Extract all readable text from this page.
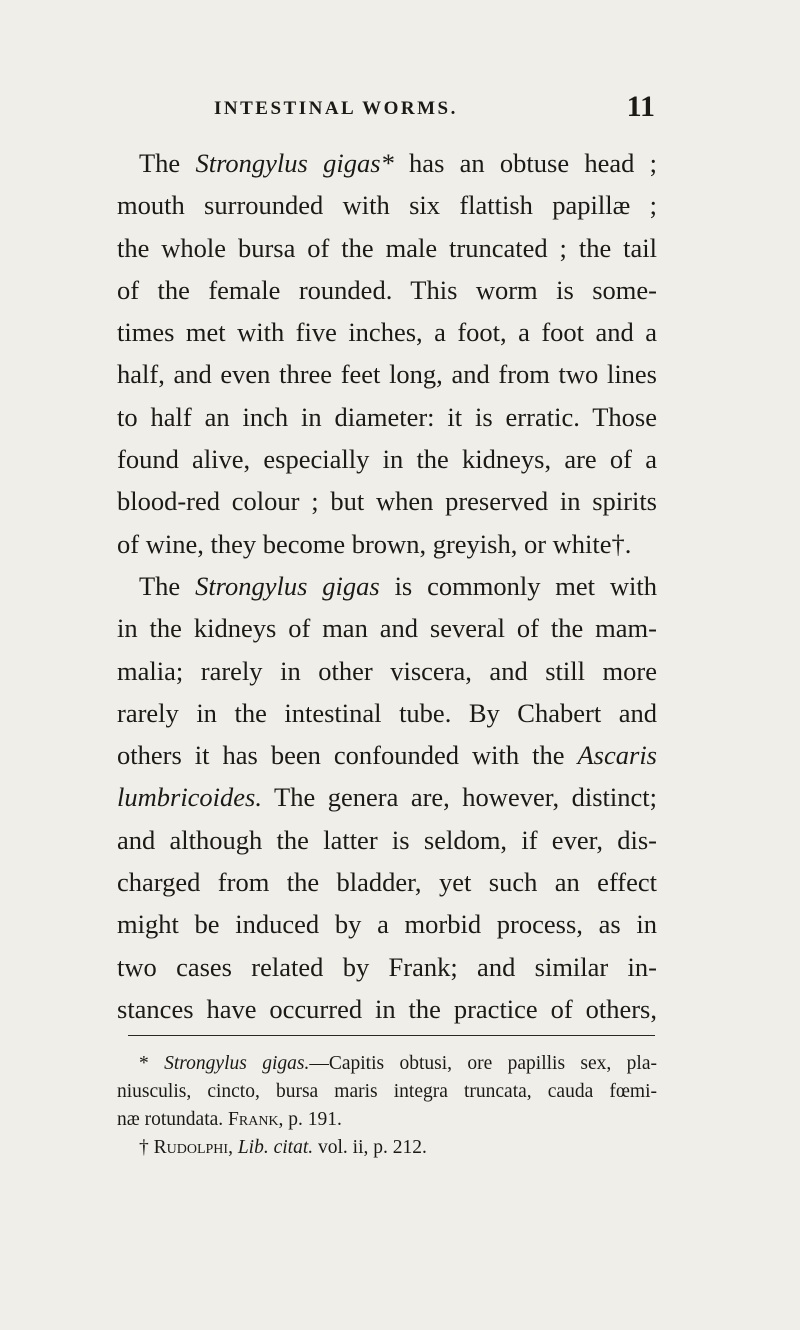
INTESTINAL WORMS.	11

The Strongylus gigas* has an obtuse head ;
mouth surrounded with six flattish papillæ ;
the whole bursa of the male truncated ; the tail
of the female rounded. This worm is some-
times met with five inches, a foot, a foot and a
half, and even three feet long, and from two lines
to half an inch in diameter: it is erratic. Those
found alive, especially in the kidneys, are of a
blood-red colour ; but when preserved in spirits
of wine, they become brown, greyish, or white†.

The Strongylus gigas is commonly met with
in the kidneys of man and several of the mam-
malia; rarely in other viscera, and still more
rarely in the intestinal tube. By Chabert and
others it has been confounded with the Ascaris
lumbricoides. The genera are, however, distinct;
and although the latter is seldom, if ever, dis-
charged from the bladder, yet such an effect
might be induced by a morbid process, as in
two cases related by Frank; and similar in-
stances have occurred in the practice of others,

* Strongylus gigas.—Capitis obtusi, ore papillis sex, pla-
niusculis, cincto, bursa maris integra truncata, cauda fœmi-
næ rotundata. Frank, p. 191.
† Rudolphi, Lib. citat. vol. ii, p. 212.
